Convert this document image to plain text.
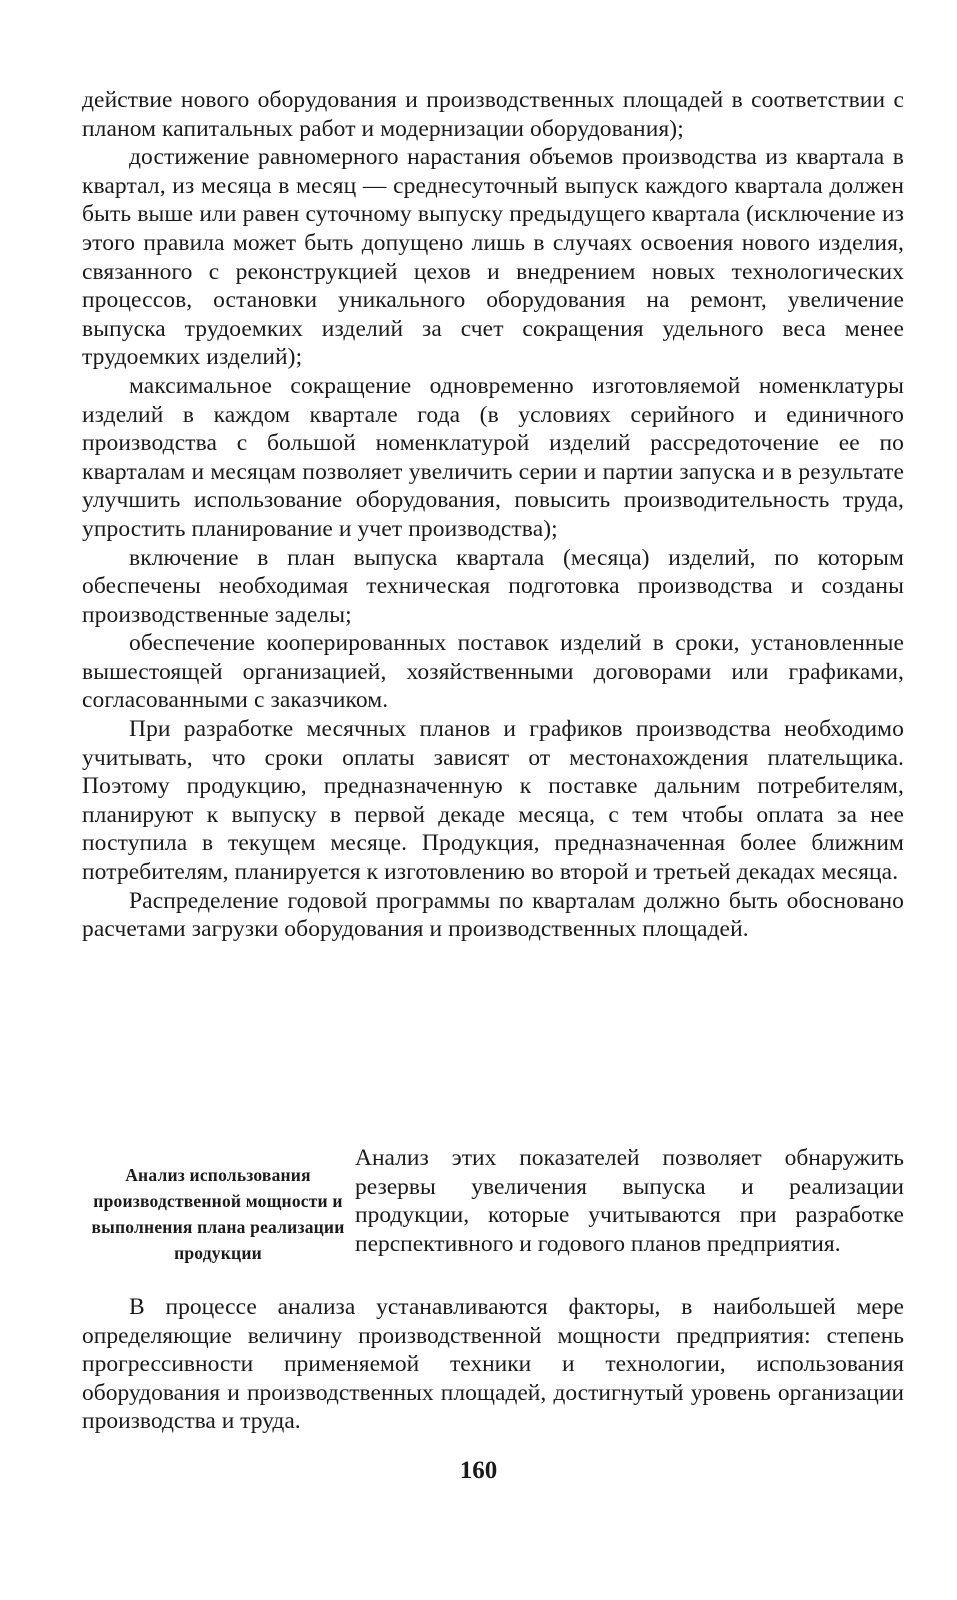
действие нового оборудования и производственных площадей в соответствии с планом капитальных работ и модернизации оборудования);

достижение равномерного нарастания объемов производства из квартала в квартал, из месяца в месяц — среднесуточный выпуск каждого квартала должен быть выше или равен суточному выпуску предыдущего квартала (исключение из этого правила может быть допущено лишь в случаях освоения нового изделия, связанного с реконструкцией цехов и внедрением новых технологических процессов, остановки уникального оборудования на ремонт, увеличение выпуска трудоемких изделий за счет сокращения удельного веса менее трудоемких изделий);

максимальное сокращение одновременно изготовляемой номенклатуры изделий в каждом квартале года (в условиях серийного и единичного производства с большой номенклатурой изделий рассредоточение ее по кварталам и месяцам позволяет увеличить серии и партии запуска и в результате улучшить использование оборудования, повысить производительность труда, упростить планирование и учет производства);

включение в план выпуска квартала (месяца) изделий, по которым обеспечены необходимая техническая подготовка производства и созданы производственные заделы;

обеспечение кооперированных поставок изделий в сроки, установленные вышестоящей организацией, хозяйственными договорами или графиками, согласованными с заказчиком.

При разработке месячных планов и графиков производства необходимо учитывать, что сроки оплаты зависят от местонахождения плательщика. Поэтому продукцию, предназначенную к поставке дальним потребителям, планируют к выпуску в первой декаде месяца, с тем чтобы оплата за нее поступила в текущем месяце. Продукция, предназначенная более ближним потребителям, планируется к изготовлению во второй и третьей декадах месяца.

Распределение годовой программы по кварталам должно быть обосновано расчетами загрузки оборудования и производственных площадей.

Анализ использования производственной мощности и выполнения плана реализации продукции
Анализ этих показателей позволяет обнаружить резервы увеличения выпуска и реализации продукции, которые учитываются при разработке перспективного и годового планов предприятия.

В процессе анализа устанавливаются факторы, в наибольшей мере определяющие величину производственной мощности предприятия: степень прогрессивности применяемой техники и технологии, использования оборудования и производственных площадей, достигнутый уровень организации производства и труда.

160
